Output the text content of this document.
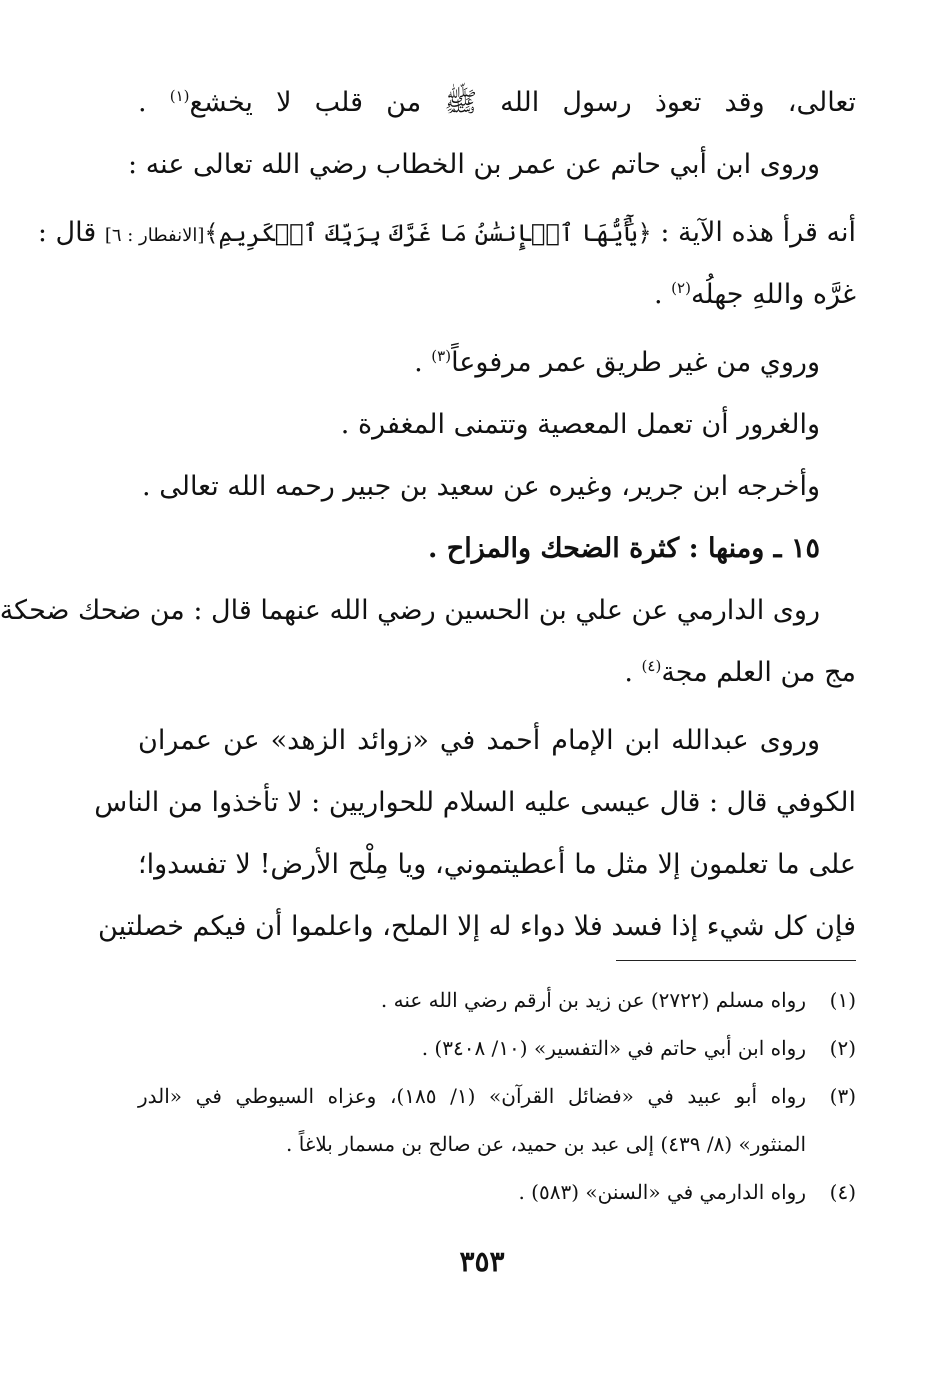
تعالى، وقد تعوذ رسول الله ﷺ من قلب لا يخشع$^{(١)}$ .
وروى ابن أبي حاتم عن عمر بن الخطاب رضي الله تعالى عنه :
أنه قرأ هذه الآية : ﴿يَٰٓأَيُّهَا ٱلۡإِنسَٰنُ مَا غَرَّكَ بِرَبِّكَ ٱلۡكَرِيمِ﴾[الانفطار : ٦] قال :
غرَّه واللهِ جهلُه$^{(٢)}$ .
وروي من غير طريق عمر مرفوعاً$^{(٣)}$ .
والغرور أن تعمل المعصية وتتمنى المغفرة .
وأخرجه ابن جرير، وغيره عن سعيد بن جبير رحمه الله تعالى .
١٥ ـ ومنها : كثرة الضحك والمزاح .
روى الدارمي عن علي بن الحسين رضي الله عنهما قال : من ضحك ضحكة
مج من العلم مجة$^{(٤)}$ .
وروى عبدالله ابن الإمام أحمد في «زوائد الزهد» عن عمران
الكوفي قال : قال عيسى عليه السلام للحواريين : لا تأخذوا من الناس
على ما تعلمون إلا مثل ما أعطيتموني، ويا مِلْح الأرض! لا تفسدوا؛
فإن كل شيء إذا فسد فلا دواء له إلا الملح، واعلموا أن فيكم خصلتين
(١)
رواه مسلم (٢٧٢٢) عن زيد بن أرقم رضي الله عنه .
(٢)
رواه ابن أبي حاتم في «التفسير» (١٠/ ٣٤٠٨) .
(٣)
رواه أبو عبيد في «فضائل القرآن» (١/ ١٨٥)، وعزاه السيوطي في «الدر
المنثور» (٨/ ٤٣٩) إلى عبد بن حميد، عن صالح بن مسمار بلاغاً .
(٤)
رواه الدارمي في «السنن» (٥٨٣) .
٣٥٣
